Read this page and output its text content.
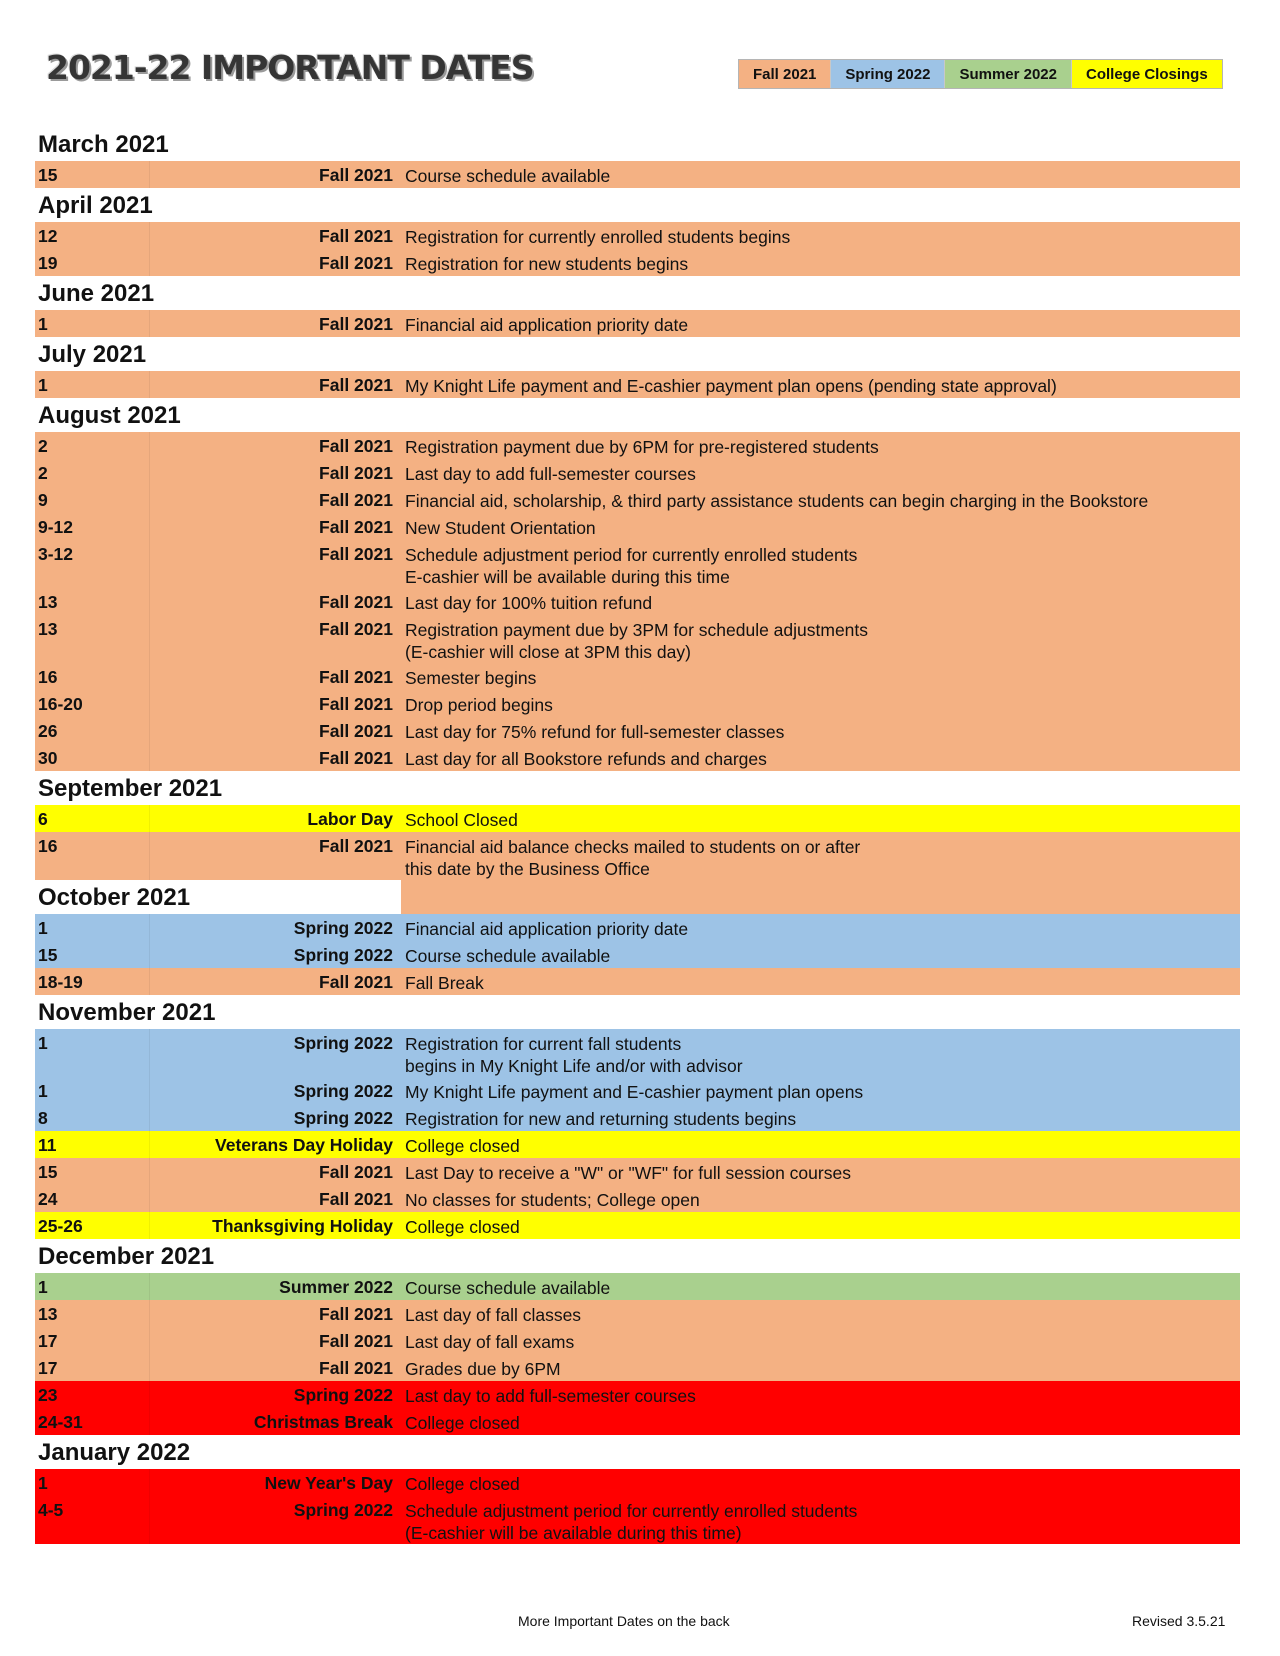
2021-22 IMPORTANT DATES	Fall 2021	Spring 2022	Summer 2022	College Closings
March 2021
15	Fall 2021 Course schedule available
April 2021
12	Fall 2021 Registration for currently enrolled students begins
19	Fall 2021 Registration for new students begins
June 2021
1	Fall 2021 Financial aid application priority date
July 2021
1	Fall 2021 My Knight Life payment and E-cashier payment plan opens (pending state approval)
August 2021
2	Fall 2021 Registration payment due by 6PM for pre-registered students
2	Fall 2021 Last day to add full-semester courses
9	Fall 2021 Financial aid, scholarship, & third party assistance students can begin charging in the Bookstore
9-12	Fall 2021 New Student Orientation
3-12	Fall 2021 Schedule adjustment period for currently enrolled students
E-cashier will be available during this time
13	Fall 2021 Last day for 100% tuition refund
13	Fall 2021 Registration payment due by 3PM for schedule adjustments
(E-cashier will close at 3PM this day)
16	Fall 2021 Semester begins
16-20	Fall 2021 Drop period begins
26	Fall 2021 Last day for 75% refund for full-semester classes
30	Fall 2021 Last day for all Bookstore refunds and charges
September 2021
6	Labor Day School Closed
16	Fall 2021 Financial aid balance checks mailed to students on or after
this date by the Business Office
October 2021
1	Spring 2022 Financial aid application priority date
15	Spring 2022 Course schedule available
18-19	Fall 2021 Fall Break
November 2021
1	Spring 2022 Registration for current fall students
begins in My Knight Life and/or with advisor
1	Spring 2022 My Knight Life payment and E-cashier payment plan opens
8	Spring 2022 Registration for new and returning students begins
11	Veterans Day Holiday College closed
15	Fall 2021 Last Day to receive a "W" or "WF" for full session courses
24	Fall 2021 No classes for students; College open
25-26	Thanksgiving Holiday College closed
December 2021
1	Summer 2022 Course schedule available
13	Fall 2021 Last day of fall classes
17	Fall 2021 Last day of fall exams
17	Fall 2021 Grades due by 6PM
23	Spring 2022 Last day to add full-semester courses
24-31	Christmas Break College closed
January 2022
1	New Year's Day College closed
4-5	Spring 2022 Schedule adjustment period for currently enrolled students
(E-cashier will be available during this time)
More Important Dates on the back	Revised 3.5.21
